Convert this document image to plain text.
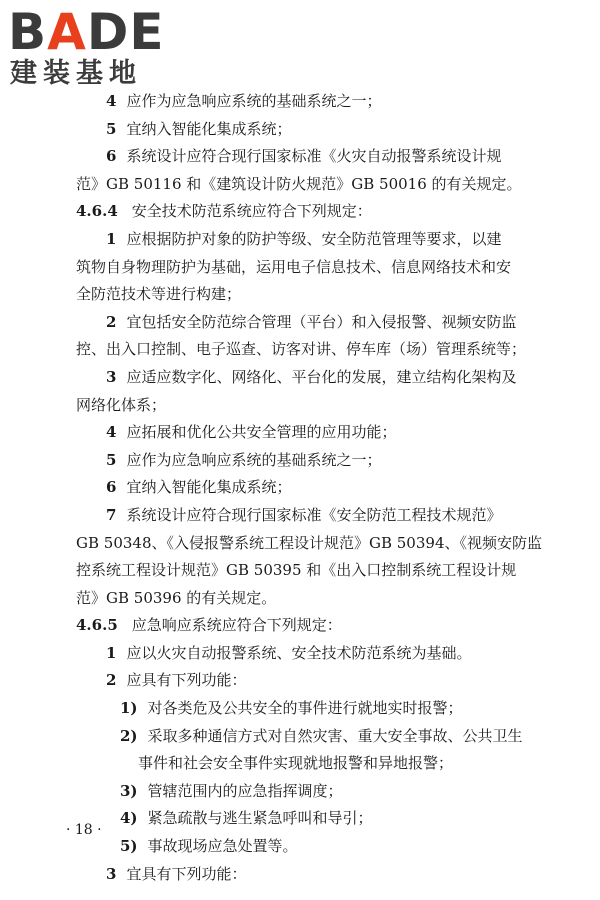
BADE
建装基地
4 应作为应急响应系统的基础系统之一；
5 宜纳入智能化集成系统；
6 系统设计应符合现行国家标准《火灾自动报警系统设计规
范》GB 50116 和《建筑设计防火规范》GB 50016 的有关规定。
4.6.4 安全技术防范系统应符合下列规定：
1 应根据防护对象的防护等级、安全防范管理等要求，以建
筑物自身物理防护为基础，运用电子信息技术、信息网络技术和安
全防范技术等进行构建；
2 宜包括安全防范综合管理（平台）和入侵报警、视频安防监
控、出入口控制、电子巡查、访客对讲、停车库（场）管理系统等；
3 应适应数字化、网络化、平台化的发展，建立结构化架构及
网络化体系；
4 应拓展和优化公共安全管理的应用功能；
5 应作为应急响应系统的基础系统之一；
6 宜纳入智能化集成系统；
7 系统设计应符合现行国家标准《安全防范工程技术规范》
GB 50348、《入侵报警系统工程设计规范》GB 50394、《视频安防监
控系统工程设计规范》GB 50395 和《出入口控制系统工程设计规
范》GB 50396 的有关规定。
4.6.5 应急响应系统应符合下列规定：
1 应以火灾自动报警系统、安全技术防范系统为基础。
2 应具有下列功能：
1) 对各类危及公共安全的事件进行就地实时报警；
2) 采取多种通信方式对自然灾害、重大安全事故、公共卫生
事件和社会安全事件实现就地报警和异地报警；
3) 管辖范围内的应急指挥调度；
4) 紧急疏散与逃生紧急呼叫和导引；
5) 事故现场应急处置等。
3 宜具有下列功能：
· 18 ·
